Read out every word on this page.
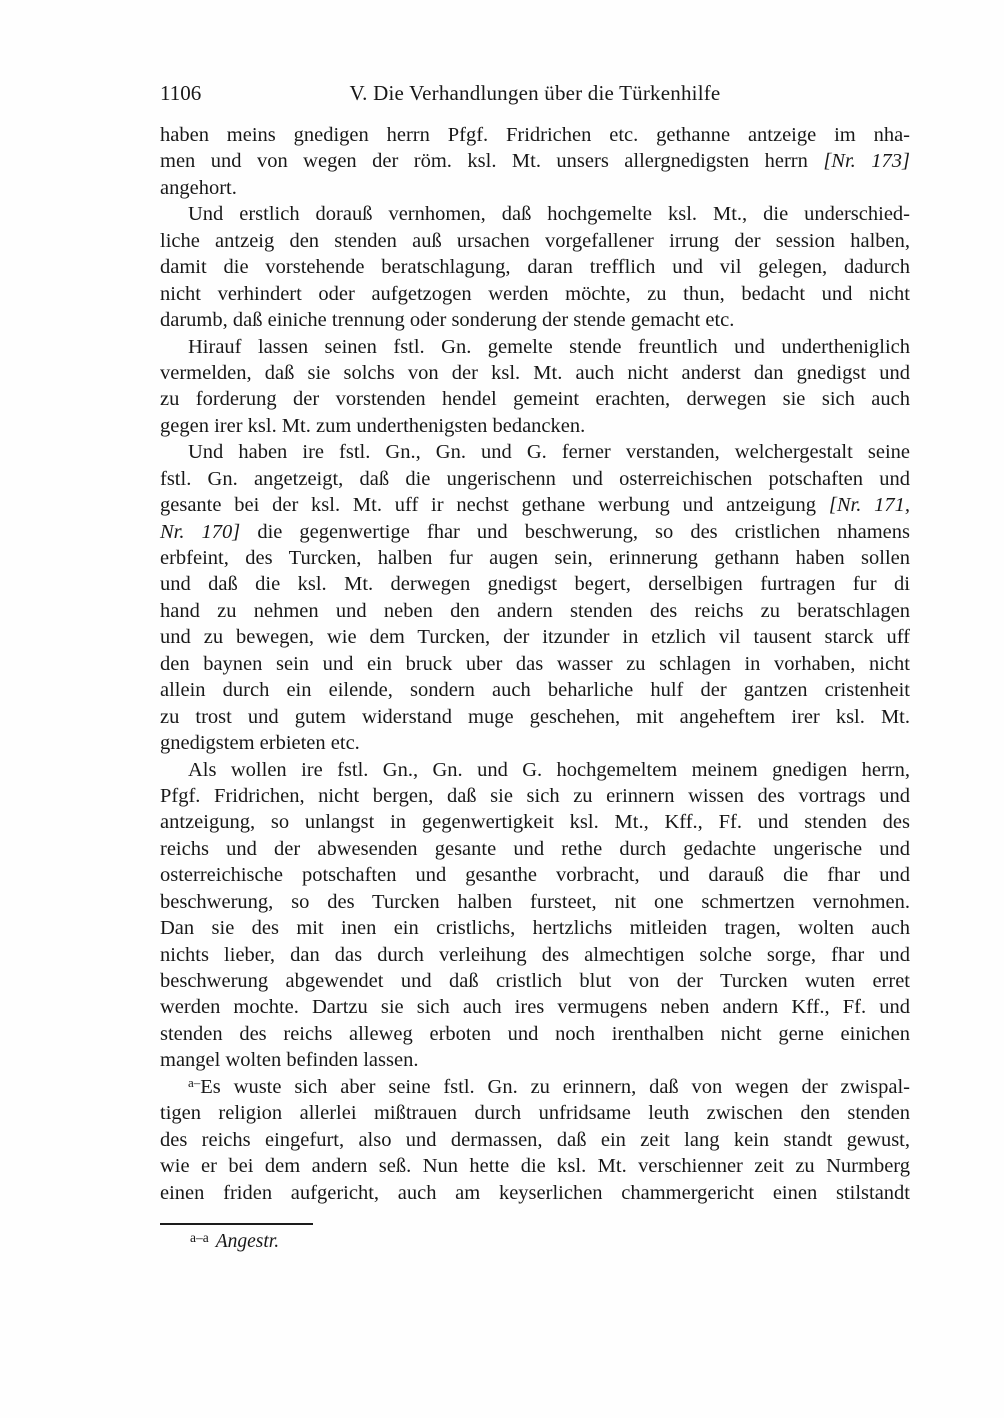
1106	V. Die Verhandlungen über die Türkenhilfe
haben meins gnedigen herrn Pfgf. Fridrichen etc. gethanne antzeige im nha-
men und von wegen der röm. ksl. Mt. unsers allergnedigsten herrn [Nr. 173]
angehort.
Und erstlich dorauß vernhomen, daß hochgemelte ksl. Mt., die underschied-
liche antzeig den stenden auß ursachen vorgefallener irrung der session halben,
damit die vorstehende beratschlagung, daran trefflich und vil gelegen, dadurch
nicht verhindert oder aufgetzogen werden möchte, zu thun, bedacht und nicht
darumb, daß einiche trennung oder sonderung der stende gemacht etc.
Hirauf lassen seinen fstl. Gn. gemelte stende freuntlich und undertheniglich
vermelden, daß sie solchs von der ksl. Mt. auch nicht anderst dan gnedigst und
zu forderung der vorstenden hendel gemeint erachten, derwegen sie sich auch
gegen irer ksl. Mt. zum underthenigsten bedancken.
Und haben ire fstl. Gn., Gn. und G. ferner verstanden, welchergestalt seine
fstl. Gn. angetzeigt, daß die ungerischenn und osterreichischen potschaften und
gesante bei der ksl. Mt. uff ir nechst gethane werbung und antzeigung [Nr. 171,
Nr. 170] die gegenwertige fhar und beschwerung, so des cristlichen nhamens
erbfeint, des Turcken, halben fur augen sein, erinnerung gethann haben sollen
und daß die ksl. Mt. derwegen gnedigst begert, derselbigen furtragen fur di
hand zu nehmen und neben den andern stenden des reichs zu beratschlagen
und zu bewegen, wie dem Turcken, der itzunder in etzlich vil tausent starck uff
den baynen sein und ein bruck uber das wasser zu schlagen in vorhaben, nicht
allein durch ein eilende, sondern auch beharliche hulf der gantzen cristenheit
zu trost und gutem widerstand muge geschehen, mit angeheftem irer ksl. Mt.
gnedigstem erbieten etc.
Als wollen ire fstl. Gn., Gn. und G. hochgemeltem meinem gnedigen herrn,
Pfgf. Fridrichen, nicht bergen, daß sie sich zu erinnern wissen des vortrags und
antzeigung, so unlangst in gegenwertigkeit ksl. Mt., Kff., Ff. und stenden des
reichs und der abwesenden gesante und rethe durch gedachte ungerische und
osterreichische potschaften und gesanthe vorbracht, und darauß die fhar und
beschwerung, so des Turcken halben fursteet, nit one schmertzen vernohmen.
Dan sie des mit inen ein cristlichs, hertzlichs mitleiden tragen, wolten auch
nichts lieber, dan das durch verleihung des almechtigen solche sorge, fhar und
beschwerung abgewendet und daß cristlich blut von der Turcken wuten erret
werden mochte. Dartzu sie sich auch ires vermugens neben andern Kff., Ff. und
stenden des reichs alleweg erboten und noch irenthalben nicht gerne einichen
mangel wolten befinden lassen.
$^{a-}$Es wuste sich aber seine fstl. Gn. zu erinnern, daß von wegen der zwispal-
tigen religion allerlei mißtrauen durch unfridsame leuth zwischen den stenden
des reichs eingefurt, also und dermassen, daß ein zeit lang kein standt gewust,
wie er bei dem andern seß. Nun hette die ksl. Mt. verschienner zeit zu Nurmberg
einen friden aufgericht, auch am keyserlichen chammergericht einen stilstandt
$^{a-a}$ Angestr.
